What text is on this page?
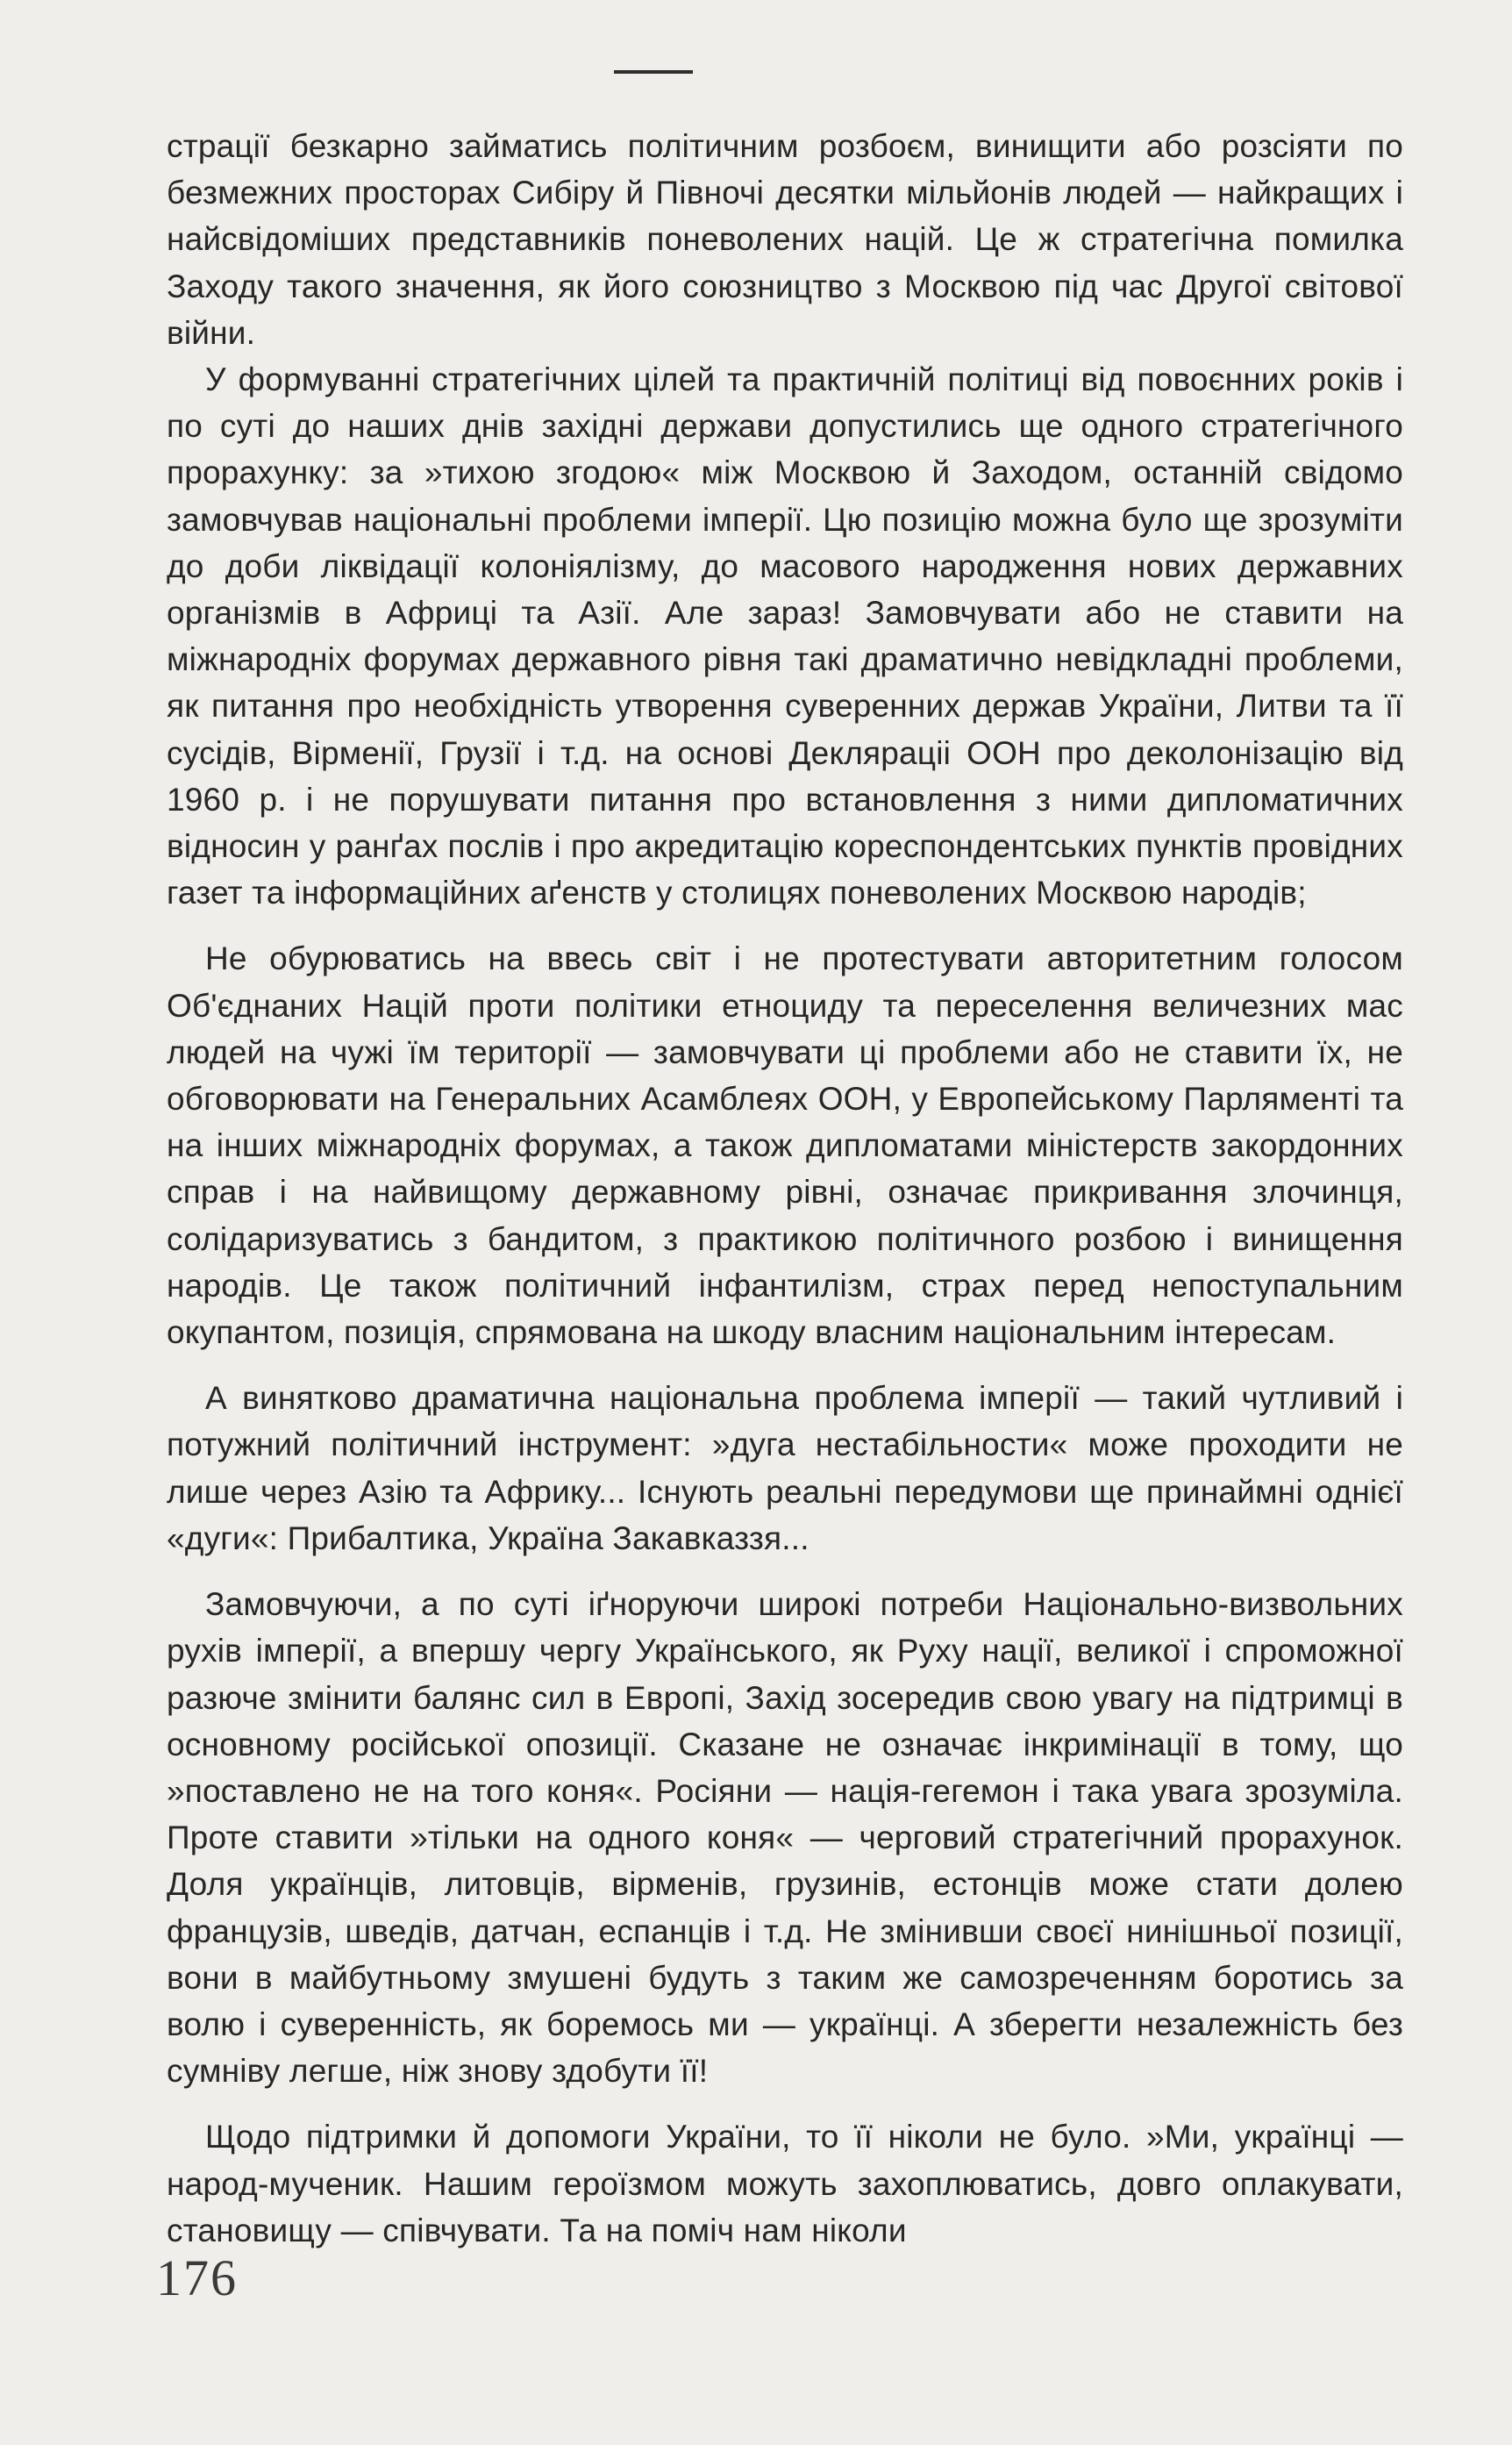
страції безкарно займатись політичним розбоєм, винищити або розсіяти по безмежних просторах Сибіру й Півночі десятки мільйонів людей — найкращих і найсвідоміших представників поневолених націй. Це ж стратегічна помилка Заходу такого значення, як його союзництво з Москвою під час Другої світової війни.

У формуванні стратегічних цілей та практичній політиці від повоєнних років і по суті до наших днів західні держави допустились ще одного стратегічного прорахунку: за »тихою згодою« між Москвою й Заходом, останній свідомо замовчував національні проблеми імперії. Цю позицію можна було ще зрозуміти до доби ліквідації колоніялізму, до масового народження нових державних організмів в Африці та Азії. Але зараз! Замовчувати або не ставити на міжнародніх форумах державного рівня такі драматично невідкладні проблеми, як питання про необхідність утворення суверенних держав України, Литви та її сусідів, Вірменії, Грузії і т.д. на основі Декляраціі ООН про деколонізацію від 1960 р. і не порушувати питання про встановлення з ними дипломатичних відносин у ранґах послів і про акредитацію кореспондентських пунктів провідних газет та інформаційних аґенств у столицях поневолених Москвою народів;

Не обурюватись на ввесь світ і не протестувати авторитетним голосом Об'єднаних Націй проти політики етноциду та переселення величезних мас людей на чужі їм території — замовчувати ці проблеми або не ставити їх, не обговорювати на Генеральних Асамблеях ООН, у Европейському Парляменті та на інших міжнародніх форумах, а також дипломатами міністерств закордонних справ і на найвищому державному рівні, означає прикривання злочинця, солідаризуватись з бандитом, з практикою політичного розбою і винищення народів. Це також політичний інфантилізм, страх перед непоступальним окупантом, позиція, спрямована на шкоду власним національним інтересам.

А винятково драматична національна проблема імперії — такий чутливий і потужний політичний інструмент: »дуга нестабільности« може проходити не лише через Азію та Африку... Існують реальні передумови ще принаймні однієї «дуги«: Прибалтика, Україна Закавказзя...

Замовчуючи, а по суті іґноруючи широкі потреби Національно-визвольних рухів імперії, а впершу чергу Українського, як Руху нації, великої і спроможної разюче змінити балянс сил в Европі, Захід зосередив свою увагу на підтримці в основному російської опозиції. Сказане не означає інкримінації в тому, що »поставлено не на того коня«. Росіяни — нація-гегемон і така увага зрозуміла. Проте ставити »тільки на одного коня« — черговий стратегічний прорахунок. Доля українців, литовців, вірменів, грузинів, естонців може стати долею французів, шведів, датчан, еспанців і т.д. Не змінивши своєї нинішньої позиції, вони в майбутньому змушені будуть з таким же самозреченням боротись за волю і суверенність, як боремось ми — українці. А зберегти незалежність без сумніву легше, ніж знову здобути її!

Щодо підтримки й допомоги України, то її ніколи не було. »Ми, українці — народ-мученик. Нашим героїзмом можуть захоплюватись, довго оплакувати, становищу — співчувати. Та на поміч нам ніколи

176
